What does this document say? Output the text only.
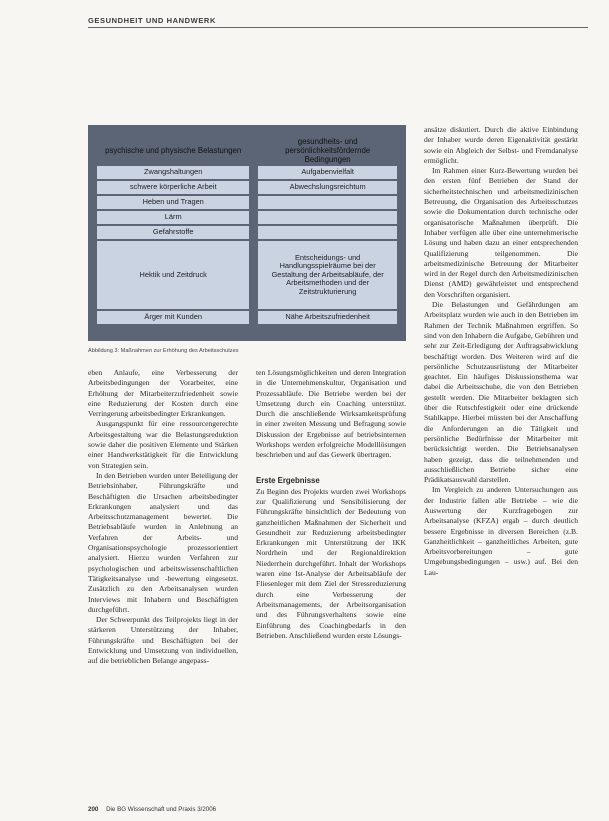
GESUNDHEIT UND HANDWERK
psychische und physische Belastungen		gesundheits- und persönlichkeitsfördernde Bedingungen
Zwangshaltungen		Aufgabenvielfalt
schwere körperliche Arbeit		Abwechslungsreichtum
Heben und Tragen		
Lärm		
Gefahrstoffe		
Hektik und Zeitdruck		Entscheidungs- und Handlungsspielräume bei der Gestaltung der Arbeitsabläufe, der Arbeitsmethoden und der Zeitstrukturierung
Ärger mit Kunden		Nähe Arbeitszufriedenheit
Abbildung 3: Maßnahmen zur Erhöhung des Arbeitsschutzes

eben Anlaufe, eine Verbesserung der Arbeitsbedingungen der Vorarbeiter, eine Erhöhung der Mitarbeiterzufriedenheit sowie eine Reduzierung der Kosten durch eine Verringerung arbeitsbedingter Erkrankungen.

Ausgangspunkt für eine ressourcengerechte Arbeitsgestaltung war die Belastungsreduktion sowie daher die positiven Elemente und Stärken einer Handwerkstätigkeit für die Entwicklung von Strategien sein.

In den Betrieben wurden unter Beteiligung der Betriebsinhaber, Führungskräfte und Beschäftigten die Ursachen arbeitsbedingter Erkrankungen analysiert und das Arbeitsschutzmanagement bewertet. Die Betriebsabläufe wurden in Anlehnung an Verfahren der Arbeits- und Organisationspsychologie prozessorientiert analysiert. Hierzu wurden Verfahren zur psychologischen und arbeitswissenschaftlichen Tätigkeitsanalyse und -bewertung eingesetzt. Zusätzlich zu den Arbeitsanalysen wurden Interviews mit Inhabern und Beschäftigten durchgeführt.

Der Schwerpunkt des Teilprojekts liegt in der stärkeren Unterstützung der Inhaber, Führungskräfte und Beschäftigten bei der Entwicklung und Umsetzung von individuellen, auf die betrieblichen Belange angepass-

ten Lösungsmöglichkeiten und deren Integration in die Unternehmenskultur, Organisation und Prozessabläufe. Die Betriebe werden bei der Umsetzung durch ein Coaching unterstützt. Durch die anschließende Wirksamkeitsprüfung in einer zweiten Messung und Befragung sowie Diskussion der Ergebnisse auf betriebsinternen Workshops werden erfolgreiche Modelllösungen beschrieben und auf das Gewerk übertragen.

Erste Ergebnisse

Zu Beginn des Projekts wurden zwei Workshops zur Qualifizierung und Sensibilisierung der Führungskräfte hinsichtlich der Bedeutung von ganzheitlichen Maßnahmen der Sicherheit und Gesundheit zur Reduzierung arbeitsbedingter Erkrankungen mit Unterstützung der IKK Nordrhein und der Regionaldirektion Niederrhein durchgeführt. Inhalt der Workshops waren eine Ist-Analyse der Arbeitsabläufe der Fliesenleger mit dem Ziel der Stressreduzierung durch eine Verbesserung der Arbeitsmanagements, der Arbeitsorganisation und des Führungsverhaltens sowie eine Einführung des Coachingbedarfs in den Betrieben. Anschließend wurden erste Lösungs-

ansätze diskutiert. Durch die aktive Einbindung der Inhaber wurde deren Eigenaktivität gestärkt sowie ein Abgleich der Selbst- und Fremdanalyse ermöglicht.

Im Rahmen einer Kurz-Bewertung wurden bei den ersten fünf Betrieben der Stand der sicherheitstechnischen und arbeitsmedizinischen Betreuung, die Organisation des Arbeitsschutzes sowie die Dokumentation durch technische oder organisatorische Maßnahmen überprüft. Die Inhaber verfügen alle über eine unternehmerische Lösung und haben dazu an einer entsprechenden Qualifizierung teilgenommen. Die arbeitsmedizinische Betreuung der Mitarbeiter wird in der Regel durch den Arbeitsmedizinischen Dienst (AMD) gewährleistet und entsprechend den Vorschriften organisiert.

Die Belastungen und Gefährdungen am Arbeitsplatz wurden wie auch in den Betrieben im Rahmen der Technik Maßnahmen ergriffen. So sind von den Inhabern die Aufgabe, Gebühren und sehr zur Zeit-Erledigung der Auftragsabwicklung beschäftigt worden. Des Weiteren wird auf die persönliche Schutzausrüstung der Mitarbeiter geachtet. Ein häufiges Diskussionsthema war dabei die Arbeitsschuhe, die von den Betrieben gestellt werden. Die Mitarbeiter beklagten sich über die Rutschfestigkeit oder eine drückende Stahlkappe. Hierbei müssten bei der Anschaffung die Anforderungen an die Tätigkeit und persönliche Bedürfnisse der Mitarbeiter mit berücksichtigt werden. Die Betriebsanalysen haben gezeigt, dass die teilnehmenden und ausschließlichen Betriebe sicher eine Prädikatsauswahl darstellen.

Im Vergleich zu anderen Untersuchungen aus der Industrie fallen alle Betriebe – wie die Auswertung der Kurzfragebogen zur Arbeitsanalyse (KFZA) ergab – durch deutlich bessere Ergebnisse in diversen Bereichen (z.B. Ganzheitlichkeit – ganzheitliches Arbeiten, gute Arbeitsvorbereitungen – gute Umgebungsbedingungen – usw.) auf. Bei den Lau-

200 Die BG Wissenschaft und Praxis 3/2006
